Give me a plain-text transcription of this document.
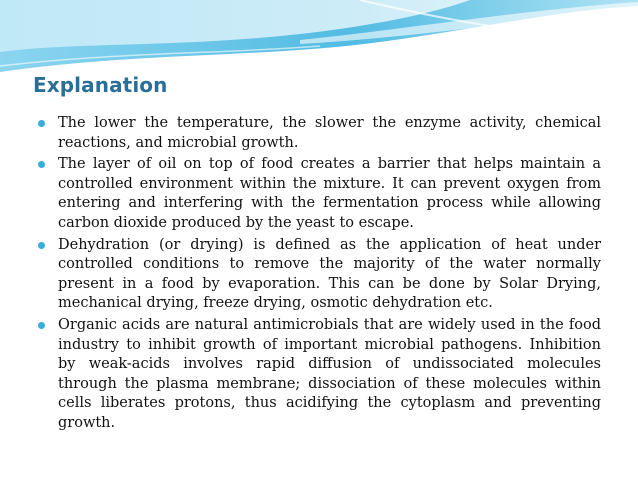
Explanation
The lower the temperature, the slower the enzyme activity, chemical reactions, and microbial growth.
The layer of oil on top of food creates a barrier that helps maintain a controlled environment within the mixture. It can prevent oxygen from entering and interfering with the fermentation process while allowing carbon dioxide produced by the yeast to escape.
Dehydration (or drying) is defined as the application of heat under controlled conditions to remove the majority of the water normally present in a food by evaporation. This can be done by Solar Drying, mechanical drying, freeze drying, osmotic dehydration etc.
Organic acids are natural antimicrobials that are widely used in the food industry to inhibit growth of important microbial pathogens. Inhibition by weak-acids involves rapid diffusion of undissociated molecules through the plasma membrane; dissociation of these molecules within cells liberates protons, thus acidifying the cytoplasm and preventing growth.
